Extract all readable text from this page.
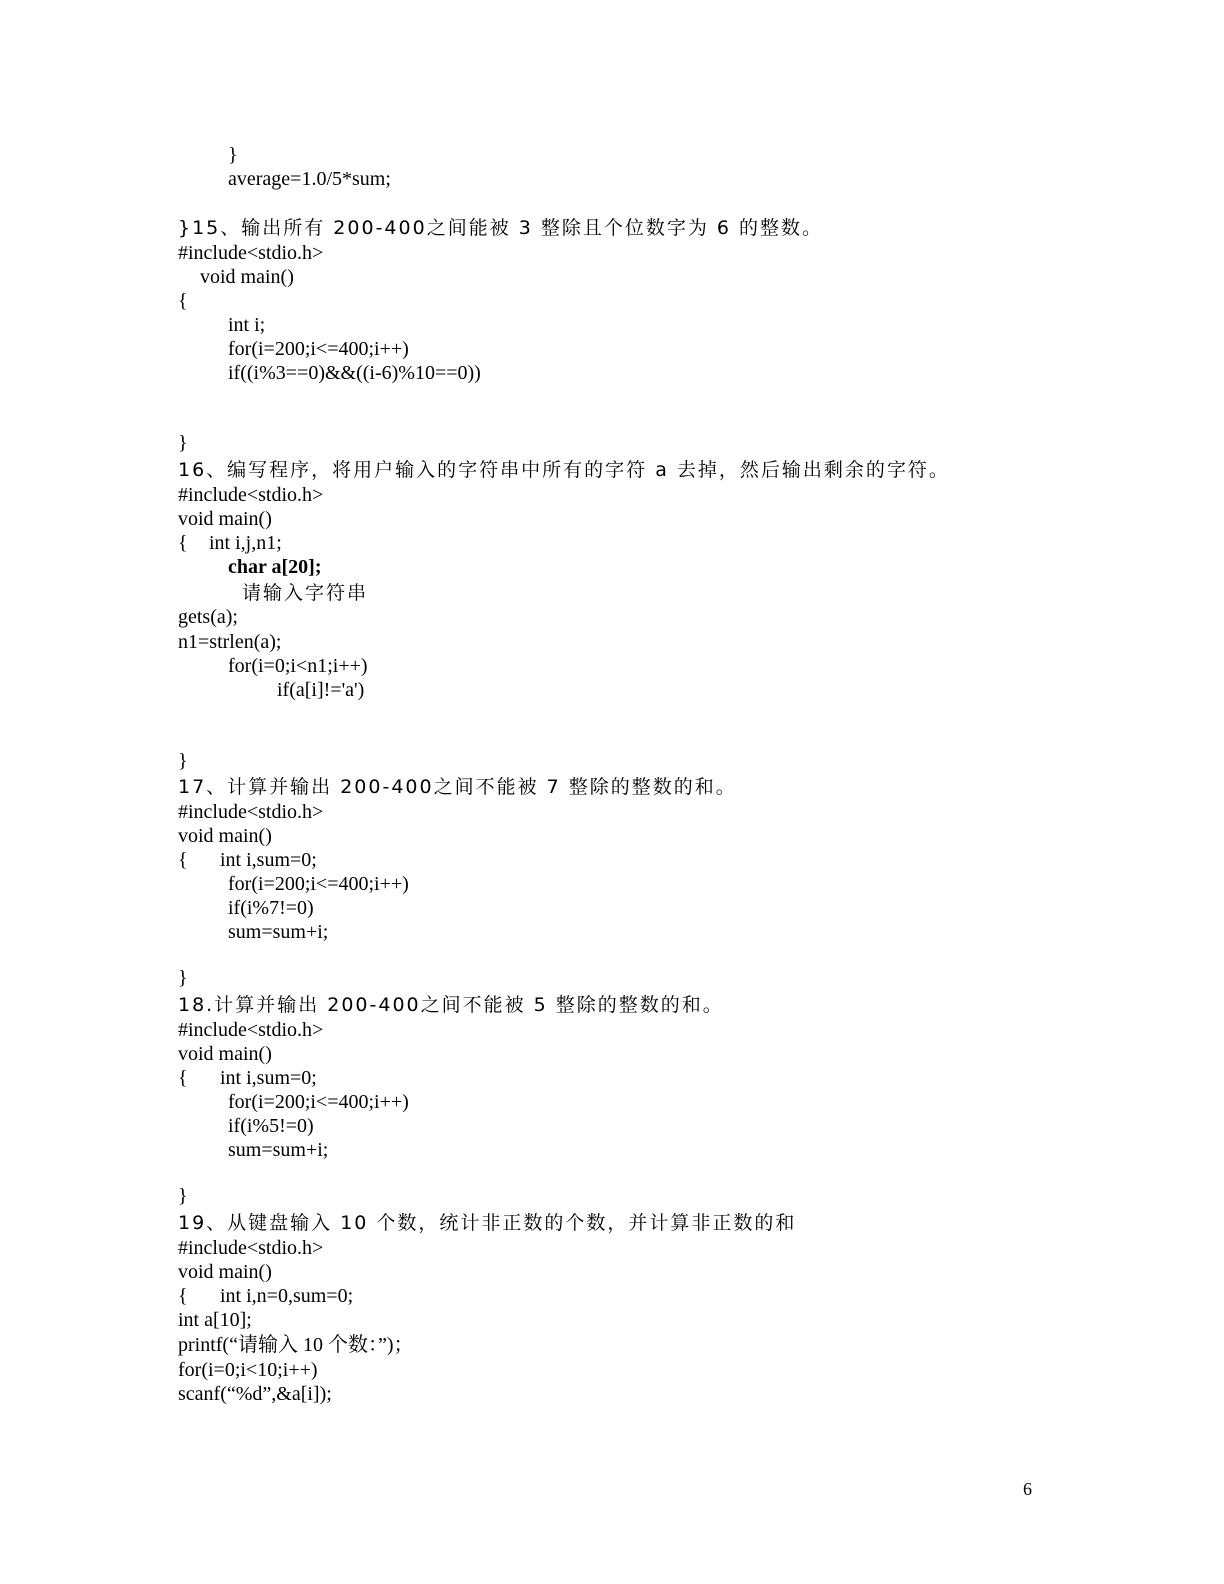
}
average=1.0/5*sum;
}15、输出所有 200-400之间能被 3 整除且个位数字为 6 的整数。
#include<stdio.h>
void main()
{
int i;
for(i=200;i<=400;i++)
if((i%3==0)&&((i-6)%10==0))
}
16、编写程序，将用户输入的字符串中所有的字符 a 去掉，然后输出剩余的字符。
#include<stdio.h>
void main()
{ int i,j,n1;
char a[20];
请输入字符串
gets(a);
n1=strlen(a);
for(i=0;i<n1;i++)
if(a[i]!='a')
}
17、计算并输出 200-400之间不能被 7 整除的整数的和。
#include<stdio.h>
void main()
{ int i,sum=0;
for(i=200;i<=400;i++)
if(i%7!=0)
sum=sum+i;
}
18.计算并输出 200-400之间不能被 5 整除的整数的和。
#include<stdio.h>
void main()
{ int i,sum=0;
for(i=200;i<=400;i++)
if(i%5!=0)
sum=sum+i;
}
19、从键盘输入 10 个数，统计非正数的个数，并计算非正数的和
#include<stdio.h>
void main()
{ int i,n=0,sum=0;
int a[10];
printf(“请输入 10 个数：”)；
for(i=0;i<10;i++)
scanf(“%d”,&a[i]);
6
